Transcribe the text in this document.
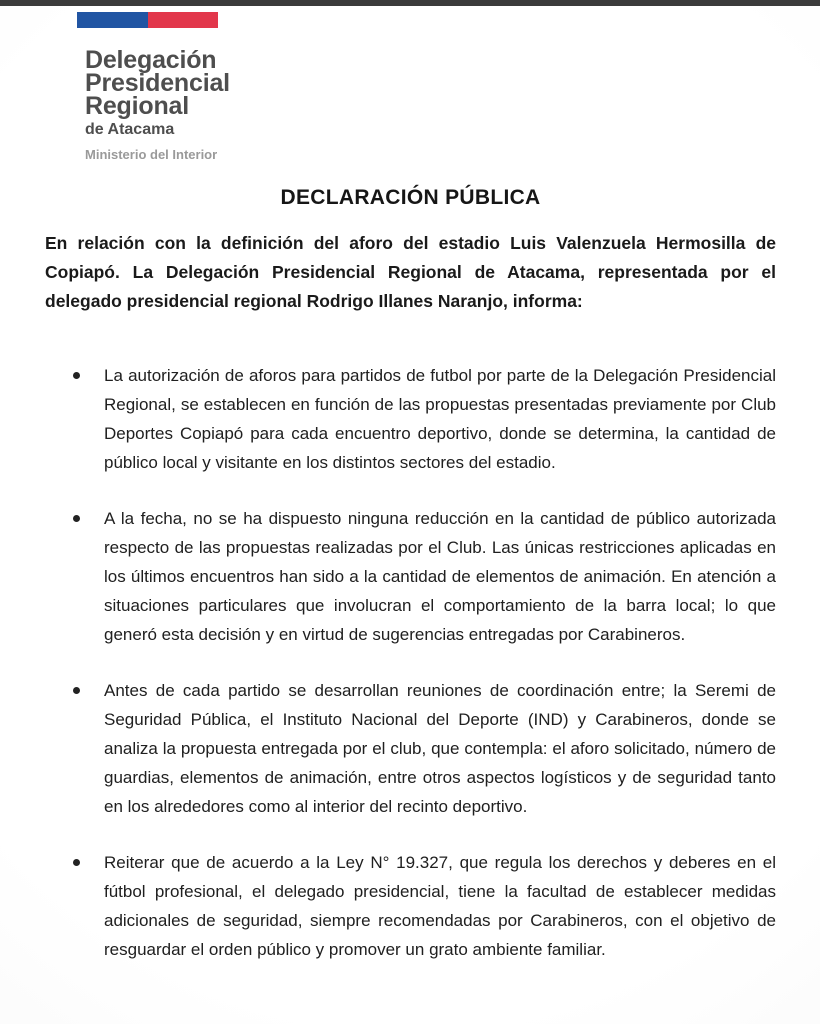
Delegación
Presidencial
Regional
de Atacama
Ministerio del Interior
DECLARACIÓN PÚBLICA

En relación con la definición del aforo del estadio Luis Valenzuela Hermosilla de Copiapó. La Delegación Presidencial Regional de Atacama, representada por el delegado presidencial regional Rodrigo Illanes Naranjo, informa:

La autorización de aforos para partidos de futbol por parte de la Delegación Presidencial Regional, se establecen en función de las propuestas presentadas previamente por Club Deportes Copiapó para cada encuentro deportivo, donde se determina, la cantidad de público local y visitante en los distintos sectores del estadio.
A la fecha, no se ha dispuesto ninguna reducción en la cantidad de público autorizada respecto de las propuestas realizadas por el Club. Las únicas restricciones aplicadas en los últimos encuentros han sido a la cantidad de elementos de animación. En atención a situaciones particulares que involucran el comportamiento de la barra local; lo que generó esta decisión y en virtud de sugerencias entregadas por Carabineros.
Antes de cada partido se desarrollan reuniones de coordinación entre; la Seremi de Seguridad Pública, el Instituto Nacional del Deporte (IND) y Carabineros, donde se analiza la propuesta entregada por el club, que contempla: el aforo solicitado, número de guardias, elementos de animación, entre otros aspectos logísticos y de seguridad tanto en los alrededores como al interior del recinto deportivo.
Reiterar que de acuerdo a la Ley N° 19.327, que regula los derechos y deberes en el fútbol profesional, el delegado presidencial, tiene la facultad de establecer medidas adicionales de seguridad, siempre recomendadas por Carabineros, con el objetivo de resguardar el orden público y promover un grato ambiente familiar.
